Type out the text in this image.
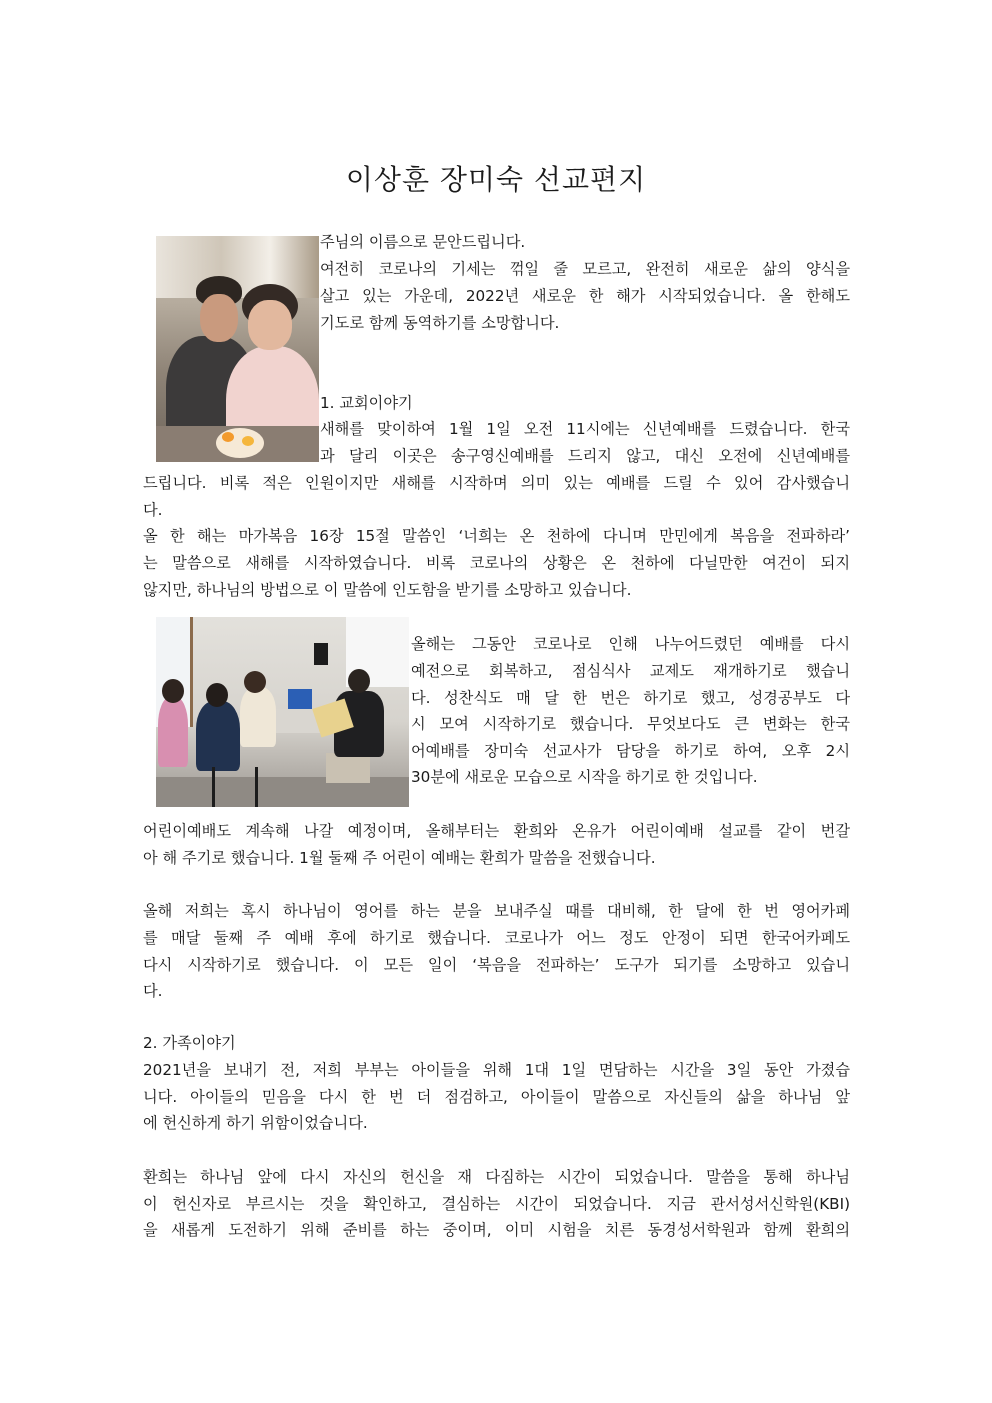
이상훈 장미숙 선교편지

주님의 이름으로 문안드립니다.

여전히 코로나의 기세는 꺾일 줄 모르고, 완전히 새로운 삶의 양식을

살고 있는 가운데, 2022년 새로운 한 해가 시작되었습니다. 올 한해도

기도로 함께 동역하기를 소망합니다.

1. 교회이야기

새해를 맞이하여 1월 1일 오전 11시에는 신년예배를 드렸습니다. 한국

과 달리 이곳은 송구영신예배를 드리지 않고, 대신 오전에 신년예배를

드립니다. 비록 적은 인원이지만 새해를 시작하며 의미 있는 예배를 드릴 수 있어 감사했습니

다.

올 한 해는 마가복음 16장 15절 말씀인 ‘너희는 온 천하에 다니며 만민에게 복음을 전파하라’

는 말씀으로 새해를 시작하였습니다. 비록 코로나의 상황은 온 천하에 다닐만한 여건이 되지

않지만, 하나님의 방법으로 이 말씀에 인도함을 받기를 소망하고 있습니다.

올해는 그동안 코로나로 인해 나누어드렸던 예배를 다시

예전으로 회복하고, 점심식사 교제도 재개하기로 했습니

다. 성찬식도 매 달 한 번은 하기로 했고, 성경공부도 다

시 모여 시작하기로 했습니다. 무엇보다도 큰 변화는 한국

어예배를 장미숙 선교사가 담당을 하기로 하여, 오후 2시

30분에 새로운 모습으로 시작을 하기로 한 것입니다.

어린이예배도 계속해 나갈 예정이며, 올해부터는 환희와 온유가 어린이예배 설교를 같이 번갈

아 해 주기로 했습니다. 1월 둘째 주 어린이 예배는 환희가 말씀을 전했습니다.

올해 저희는 혹시 하나님이 영어를 하는 분을 보내주실 때를 대비해, 한 달에 한 번 영어카페

를 매달 둘째 주 예배 후에 하기로 했습니다. 코로나가 어느 정도 안정이 되면 한국어카페도

다시 시작하기로 했습니다. 이 모든 일이 ‘복음을 전파하는’ 도구가 되기를 소망하고 있습니

다.

2. 가족이야기

2021년을 보내기 전, 저희 부부는 아이들을 위해 1대 1일 면담하는 시간을 3일 동안 가졌습

니다. 아이들의 믿음을 다시 한 번 더 점검하고, 아이들이 말씀으로 자신들의 삶을 하나님 앞

에 헌신하게 하기 위함이었습니다.

환희는 하나님 앞에 다시 자신의 헌신을 재 다짐하는 시간이 되었습니다. 말씀을 통해 하나님

이 헌신자로 부르시는 것을 확인하고, 결심하는 시간이 되었습니다. 지금 관서성서신학원(KBI)

을 새롭게 도전하기 위해 준비를 하는 중이며, 이미 시험을 치른 동경성서학원과 함께 환희의
